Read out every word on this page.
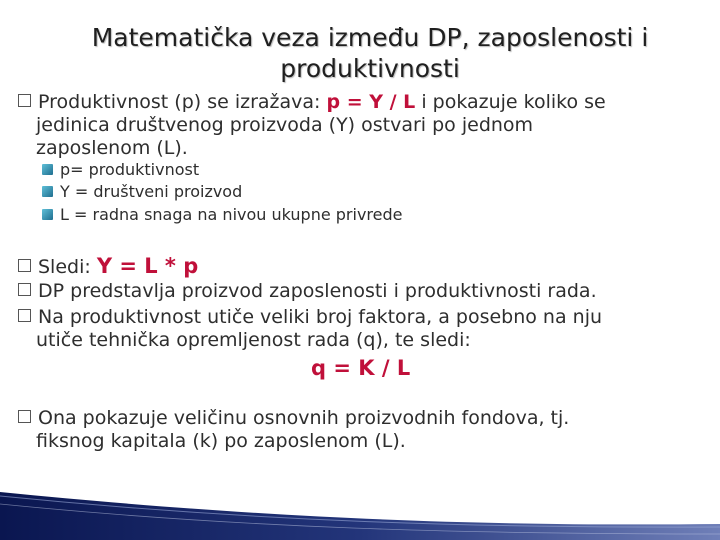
Matematička veza između DP, zaposlenosti i
produktivnosti
Produktivnost (p) se izražava: p = Y / L i pokazuje koliko se
jedinica društvenog proizvoda (Y) ostvari po jednom
zaposlenom (L).
p= produktivnost
Y = društveni proizvod
L = radna snaga na nivou ukupne privrede
Sledi: Y = L * p
DP predstavlja proizvod zaposlenosti i produktivnosti rada.
Na produktivnost utiče veliki broj faktora, a posebno na nju
utiče tehnička opremljenost rada (q), te sledi:
q = K / L
Ona pokazuje veličinu osnovnih proizvodnih fondova, tj.
fiksnog kapitala (k) po zaposlenom (L).
